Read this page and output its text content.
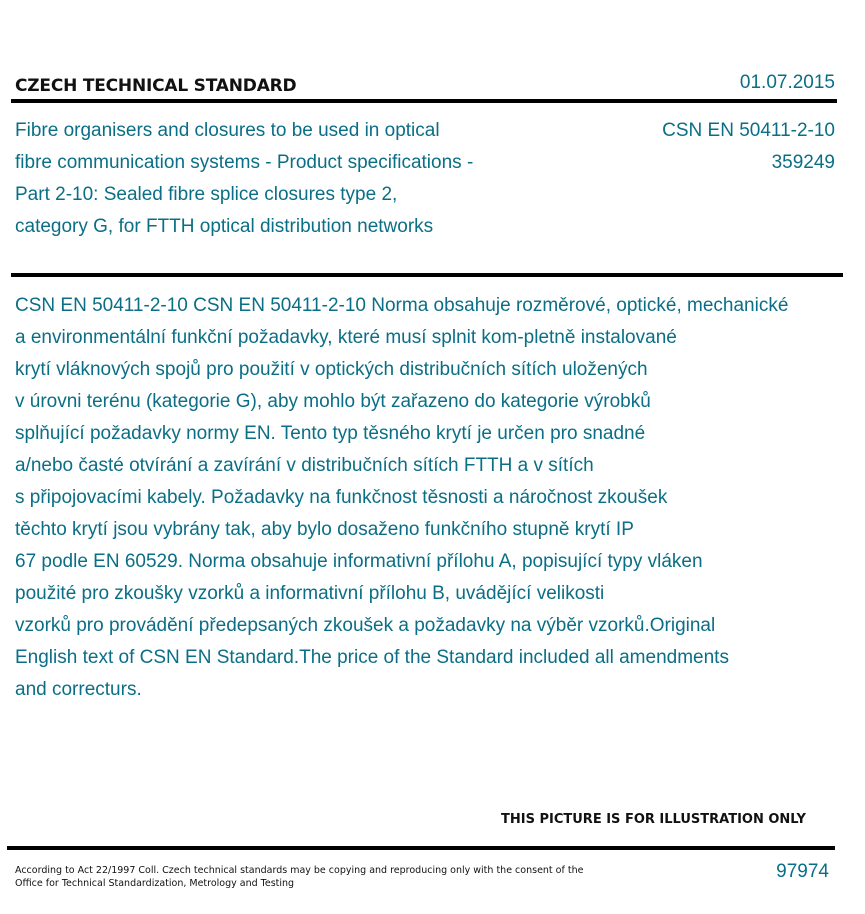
CZECH TECHNICAL STANDARD	01.07.2015
Fibre organisers and closures to be used in optical fibre communication systems - Product specifications - Part 2-10: Sealed fibre splice closures type 2, category G, for FTTH optical distribution networks
CSN EN 50411-2-10
359249
CSN EN 50411-2-10 CSN EN 50411-2-10 Norma obsahuje rozměrové, optické, mechanické
a environmentální funkční požadavky, které musí splnit kom-pletně instalované
krytí vláknových spojů pro použití v optických distribučních sítích uložených
v úrovni terénu (kategorie G), aby mohlo být zařazeno do kategorie výrobků
splňující požadavky normy EN. Tento typ těsného krytí je určen pro snadné
a/nebo časté otvírání a zavírání v distribučních sítích FTTH a v sítích
s připojovacími kabely. Požadavky na funkčnost těsnosti a náročnost zkoušek
těchto krytí jsou vybrány tak, aby bylo dosaženo funkčního stupně krytí IP
67 podle EN 60529. Norma obsahuje informativní přílohu A, popisující typy vláken
použité pro zkoušky vzorků a informativní přílohu B, uvádějící velikosti
vzorků pro provádění předepsaných zkoušek a požadavky na výběr vzorků.Original
English text of CSN EN Standard.The price of the Standard included all amendments
and correcturs.
THIS PICTURE IS FOR ILLUSTRATION ONLY
According to Act 22/1997 Coll. Czech technical standards may be copying and reproducing only with the consent of the Office for Technical Standardization, Metrology and Testing
97974
